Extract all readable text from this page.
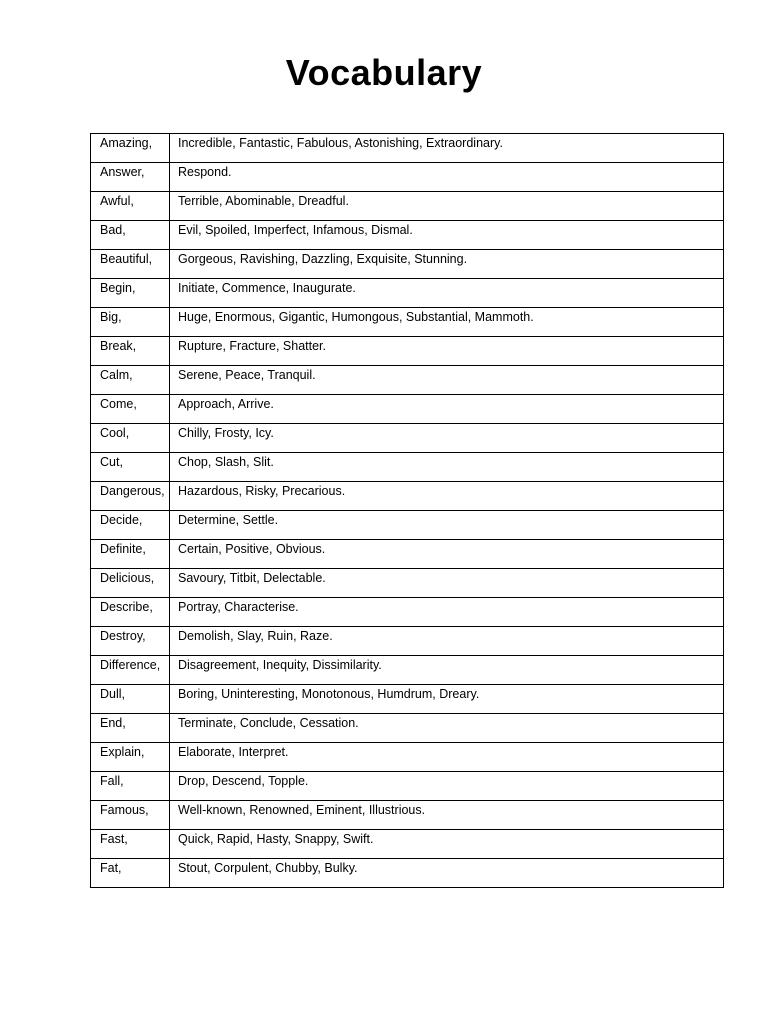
Vocabulary
Amazing,	Incredible, Fantastic, Fabulous, Astonishing, Extraordinary.
Answer,	Respond.
Awful,	Terrible, Abominable, Dreadful.
Bad,	Evil, Spoiled, Imperfect, Infamous, Dismal.
Beautiful,	Gorgeous, Ravishing, Dazzling, Exquisite, Stunning.
Begin,	Initiate, Commence, Inaugurate.
Big,	Huge, Enormous, Gigantic, Humongous, Substantial, Mammoth.
Break,	Rupture, Fracture, Shatter.
Calm,	Serene, Peace, Tranquil.
Come,	Approach, Arrive.
Cool,	Chilly, Frosty, Icy.
Cut,	Chop, Slash, Slit.
Dangerous,	Hazardous, Risky, Precarious.
Decide,	Determine, Settle.
Definite,	Certain, Positive, Obvious.
Delicious,	Savoury, Titbit, Delectable.
Describe,	Portray, Characterise.
Destroy,	Demolish, Slay, Ruin, Raze.
Difference,	Disagreement, Inequity, Dissimilarity.
Dull,	Boring, Uninteresting, Monotonous, Humdrum, Dreary.
End,	Terminate, Conclude, Cessation.
Explain,	Elaborate, Interpret.
Fall,	Drop, Descend, Topple.
Famous,	Well-known, Renowned, Eminent, Illustrious.
Fast,	Quick, Rapid, Hasty, Snappy, Swift.
Fat,	Stout, Corpulent, Chubby, Bulky.
